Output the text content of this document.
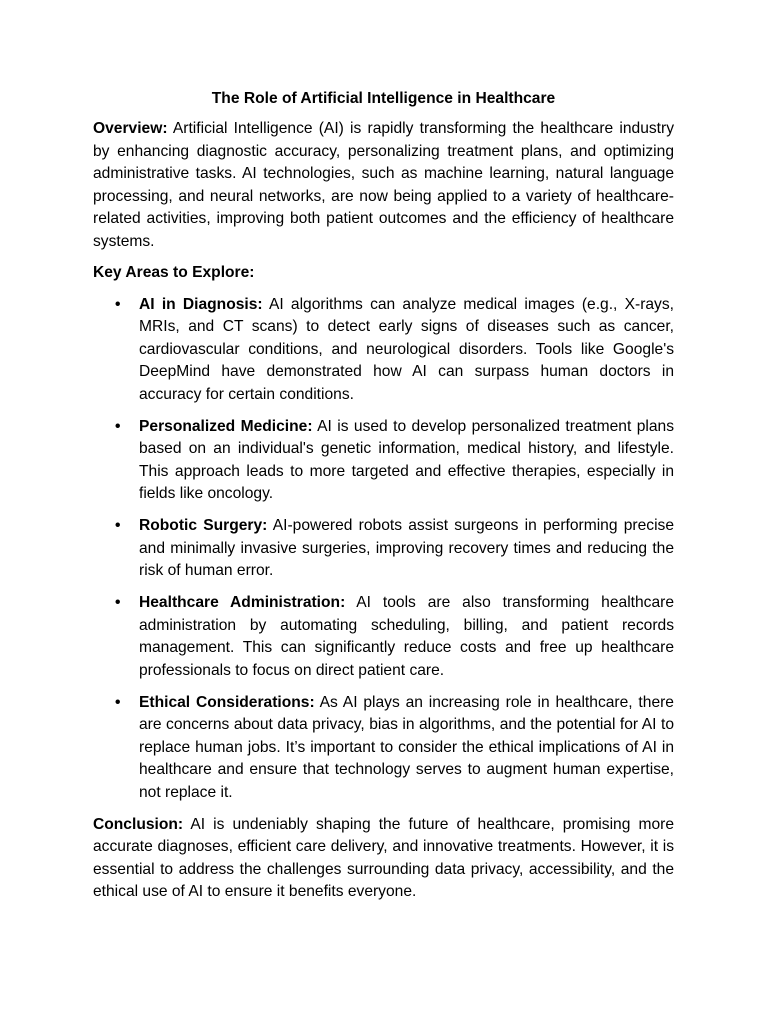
The Role of Artificial Intelligence in Healthcare

Overview: Artificial Intelligence (AI) is rapidly transforming the healthcare industry by enhancing diagnostic accuracy, personalizing treatment plans, and optimizing administrative tasks. AI technologies, such as machine learning, natural language processing, and neural networks, are now being applied to a variety of healthcare-related activities, improving both patient outcomes and the efficiency of healthcare systems.

Key Areas to Explore:
• AI in Diagnosis: AI algorithms can analyze medical images (e.g., X-rays, MRIs, and CT scans) to detect early signs of diseases such as cancer, cardiovascular conditions, and neurological disorders. Tools like Google's DeepMind have demonstrated how AI can surpass human doctors in accuracy for certain conditions.
• Personalized Medicine: AI is used to develop personalized treatment plans based on an individual's genetic information, medical history, and lifestyle. This approach leads to more targeted and effective therapies, especially in fields like oncology.
• Robotic Surgery: AI-powered robots assist surgeons in performing precise and minimally invasive surgeries, improving recovery times and reducing the risk of human error.
• Healthcare Administration: AI tools are also transforming healthcare administration by automating scheduling, billing, and patient records management. This can significantly reduce costs and free up healthcare professionals to focus on direct patient care.
• Ethical Considerations: As AI plays an increasing role in healthcare, there are concerns about data privacy, bias in algorithms, and the potential for AI to replace human jobs. It’s important to consider the ethical implications of AI in healthcare and ensure that technology serves to augment human expertise, not replace it.

Conclusion: AI is undeniably shaping the future of healthcare, promising more accurate diagnoses, efficient care delivery, and innovative treatments. However, it is essential to address the challenges surrounding data privacy, accessibility, and the ethical use of AI to ensure it benefits everyone.
